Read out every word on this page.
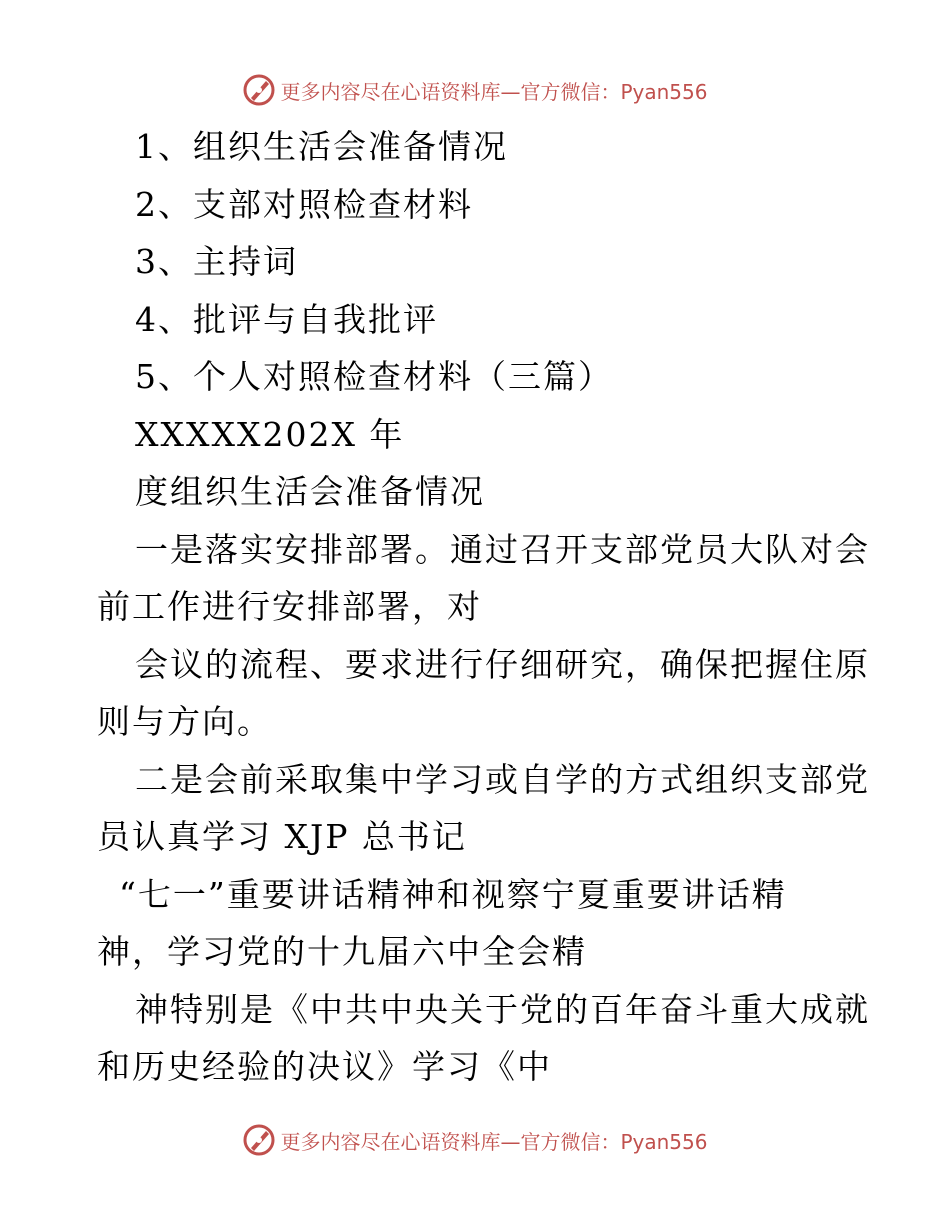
更多内容尽在心语资料库—官方微信：Pyan556
1、组织生活会准备情况
2、支部对照检查材料
3、主持词
4、批评与自我批评
5、个人对照检查材料（三篇）
XXXXX202X 年
度组织生活会准备情况
一是落实安排部署。通过召开支部党员大队对会
前工作进行安排部署，对
会议的流程、要求进行仔细研究，确保把握住原
则与方向。
二是会前采取集中学习或自学的方式组织支部党
员认真学习 XJP 总书记
“七一”重要讲话精神和视察宁夏重要讲话精
神，学习党的十九届六中全会精
神特别是《中共中央关于党的百年奋斗重大成就
和历史经验的决议》学习《中
更多内容尽在心语资料库—官方微信：Pyan556
